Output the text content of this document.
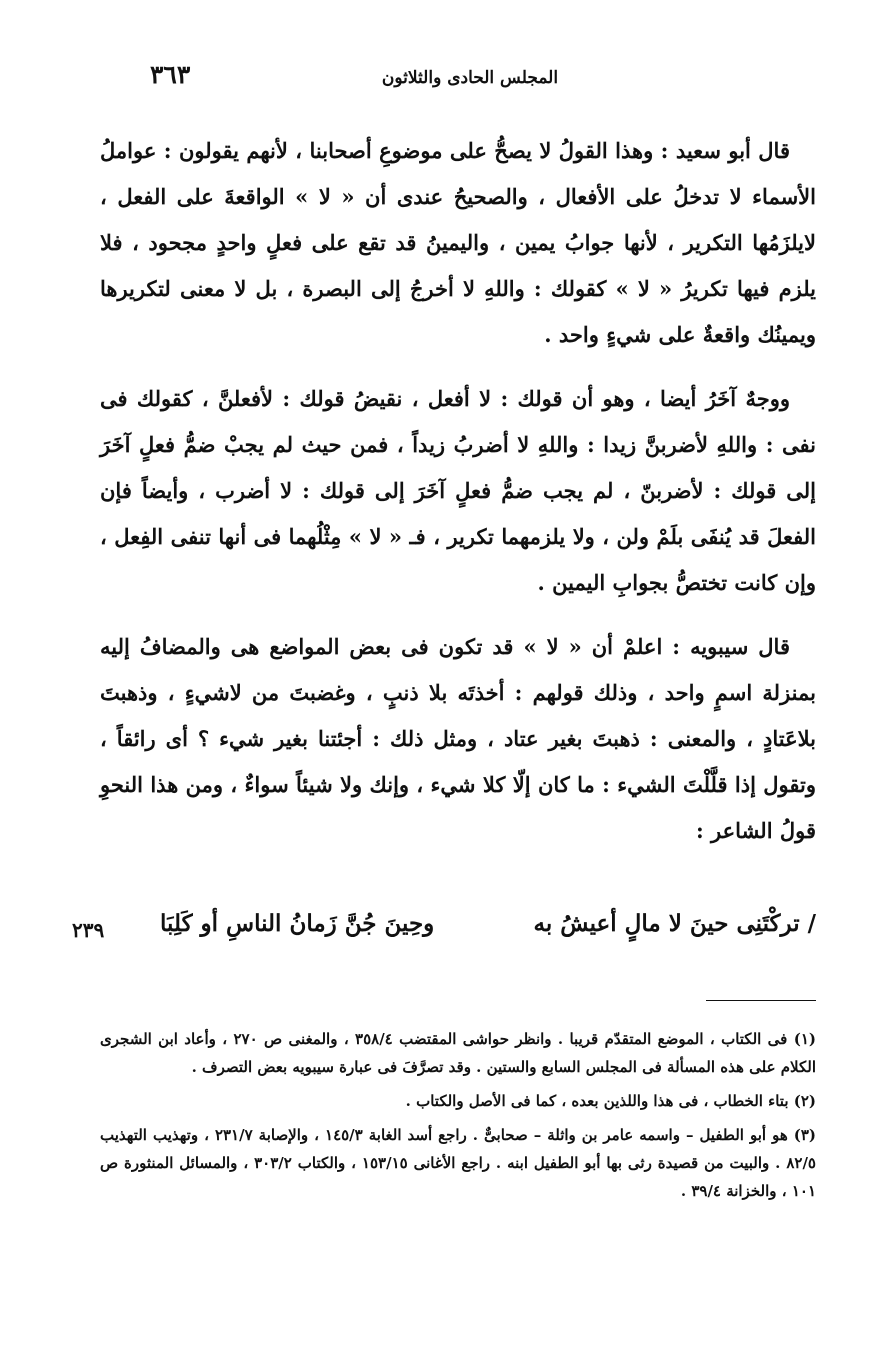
٣٦٣	المجلس الحادى والثلاثون

قال أبو سعيد : وهذا القولُ لا يصحُّ على موضوعِ أصحابنا ، لأنهم يقولون : عواملُ الأسماء لا تدخلُ على الأفعال ، والصحيحُ عندى أن « لا » الواقعةَ على الفعل ، لايلزَمُها التكرير ، لأنها جوابُ يمين ، واليمينُ قد تقع على فعلٍ واحدٍ مجحود ، فلا يلزم فيها تكريرُ « لا » كقولك : واللهِ لا أخرجُ إلى البصرة ، بل لا معنى لتكريرها ويمينُك واقعةٌ على شيءٍ واحد .

ووجهٌ آخَرُ أيضا ، وهو أن قولك : لا أفعل ، نقيضُ قولك : لأفعلنَّ ، كقولك فى نفى : واللهِ لأضربنَّ زيدا : واللهِ لا أضربُ زيداً ، فمن حيث لم يجبْ ضمُّ فعلٍ آخَرَ إلى قولك : لأضربنّ ، لم يجب ضمُّ فعلٍ آخَرَ إلى قولك : لا أضرب ، وأيضاً فإن الفعلَ قد يُنفَى بلَمْ ولن ، ولا يلزمهما تكرير ، فـ « لا » مِثْلُهما فى أنها تنفى الفِعل ، وإن كانت تختصُّ بجوابِ اليمين .

قال سيبويه : اعلمْ أن « لا » قد تكون فى بعض المواضع هى والمضافُ إليه بمنزلة اسمٍ واحد ، وذلك قولهم : أخذتَه بلا ذنبٍ ، وغضبتَ من لاشيءٍ ، وذهبتَ بلاعَتادٍ ، والمعنى : ذهبتَ بغير عتاد ، ومثل ذلك : أجئتنا بغير شيء ؟ أى رائقاً ، وتقول إذا قلَّلْتَ الشيء : ما كان إلّا كلا شيء ، وإنك ولا شيئاً سواءٌ ، ومن هذا النحوِ قولُ الشاعر :

/ تركْتَنِى حينَ لا مالٍ أعيشُ به
وحِينَ جُنَّ زَمانُ الناسِ أو كَلِبَا
٢٣٩

(١) فى الكتاب ، الموضع المتقدّم قريبا . وانظر حواشى المقتضب ٣٥٨/٤ ، والمغنى ص ٢٧٠ ، وأعاد ابن الشجرى الكلام على هذه المسألة فى المجلس السابع والستين . وقد تصرَّفَ فى عبارة سيبويه بعض التصرف .

(٢) بتاء الخطاب ، فى هذا واللذين بعده ، كما فى الأصل والكتاب .

(٣) هو أبو الطفيل – واسمه عامر بن واثلة – صحابىٌّ . راجع أسد الغابة ١٤٥/٣ ، والإصابة ٢٣١/٧ ، وتهذيب التهذيب ٨٢/٥ . والبيت من قصيدة رثى بها أبو الطفيل ابنه . راجع الأغانى ١٥٣/١٥ ، والكتاب ٣٠٣/٢ ، والمسائل المنثورة ص ١٠١ ، والخزانة ٣٩/٤ .
